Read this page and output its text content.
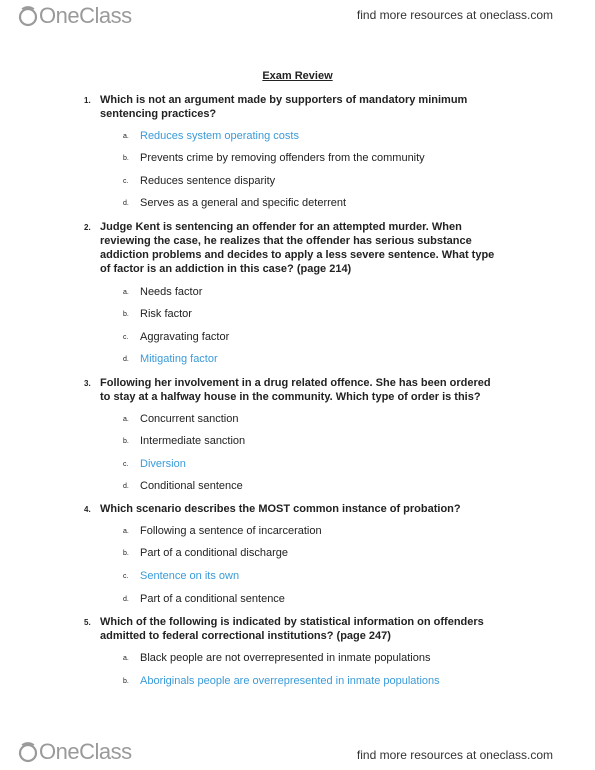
OneClass	find more resources at oneclass.com
Exam Review
1. Which is not an argument made by supporters of mandatory minimum sentencing practices?
a. Reduces system operating costs
b. Prevents crime by removing offenders from the community
c. Reduces sentence disparity
d. Serves as a general and specific deterrent
2. Judge Kent is sentencing an offender for an attempted murder. When reviewing the case, he realizes that the offender has serious substance addiction problems and decides to apply a less severe sentence. What type of factor is an addiction in this case? (page 214)
a. Needs factor
b. Risk factor
c. Aggravating factor
d. Mitigating factor
3. Following her involvement in a drug related offence. She has been ordered to stay at a halfway house in the community. Which type of order is this?
a. Concurrent sanction
b. Intermediate sanction
c. Diversion
d. Conditional sentence
4. Which scenario describes the MOST common instance of probation?
a. Following a sentence of incarceration
b. Part of a conditional discharge
c. Sentence on its own
d. Part of a conditional sentence
5. Which of the following is indicated by statistical information on offenders admitted to federal correctional institutions? (page 247)
a. Black people are not overrepresented in inmate populations
b. Aboriginals people are overrepresented in inmate populations
OneClass	find more resources at oneclass.com
